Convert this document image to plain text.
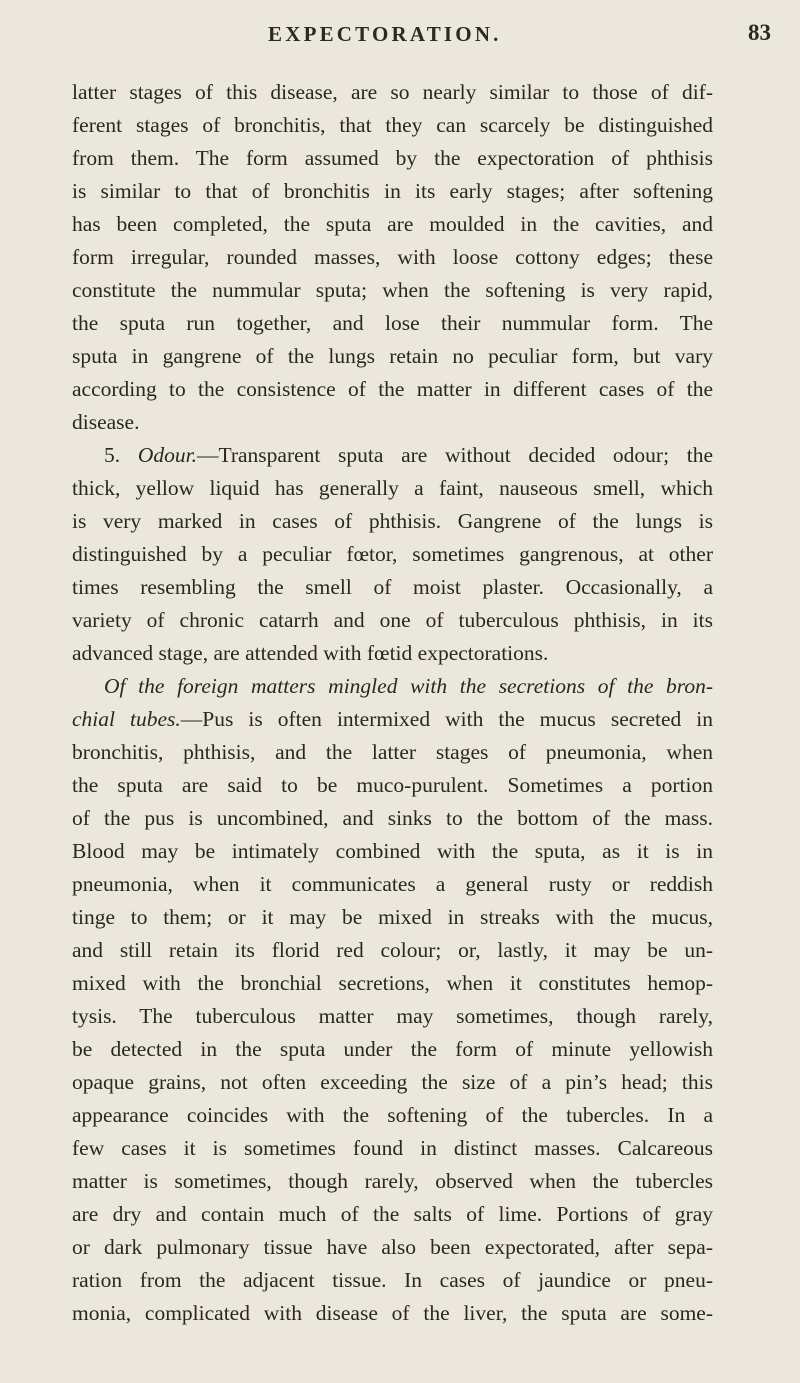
EXPECTORATION.	83
latter stages of this disease, are so nearly similar to those of dif-
ferent stages of bronchitis, that they can scarcely be distinguished
from them. The form assumed by the expectoration of phthisis
is similar to that of bronchitis in its early stages; after softening
has been completed, the sputa are moulded in the cavities, and
form irregular, rounded masses, with loose cottony edges; these
constitute the nummular sputa; when the softening is very rapid,
the sputa run together, and lose their nummular form. The
sputa in gangrene of the lungs retain no peculiar form, but vary
according to the consistence of the matter in different cases of the
disease.
5. Odour.—Transparent sputa are without decided odour; the
thick, yellow liquid has generally a faint, nauseous smell, which
is very marked in cases of phthisis. Gangrene of the lungs is
distinguished by a peculiar fœtor, sometimes gangrenous, at other
times resembling the smell of moist plaster. Occasionally, a
variety of chronic catarrh and one of tuberculous phthisis, in its
advanced stage, are attended with fœtid expectorations.
Of the foreign matters mingled with the secretions of the bron-
chial tubes.—Pus is often intermixed with the mucus secreted in
bronchitis, phthisis, and the latter stages of pneumonia, when
the sputa are said to be muco-purulent. Sometimes a portion
of the pus is uncombined, and sinks to the bottom of the mass.
Blood may be intimately combined with the sputa, as it is in
pneumonia, when it communicates a general rusty or reddish
tinge to them; or it may be mixed in streaks with the mucus,
and still retain its florid red colour; or, lastly, it may be un-
mixed with the bronchial secretions, when it constitutes hemop-
tysis. The tuberculous matter may sometimes, though rarely,
be detected in the sputa under the form of minute yellowish
opaque grains, not often exceeding the size of a pin’s head; this
appearance coincides with the softening of the tubercles. In a
few cases it is sometimes found in distinct masses. Calcareous
matter is sometimes, though rarely, observed when the tubercles
are dry and contain much of the salts of lime. Portions of gray
or dark pulmonary tissue have also been expectorated, after sepa-
ration from the adjacent tissue. In cases of jaundice or pneu-
monia, complicated with disease of the liver, the sputa are some-
